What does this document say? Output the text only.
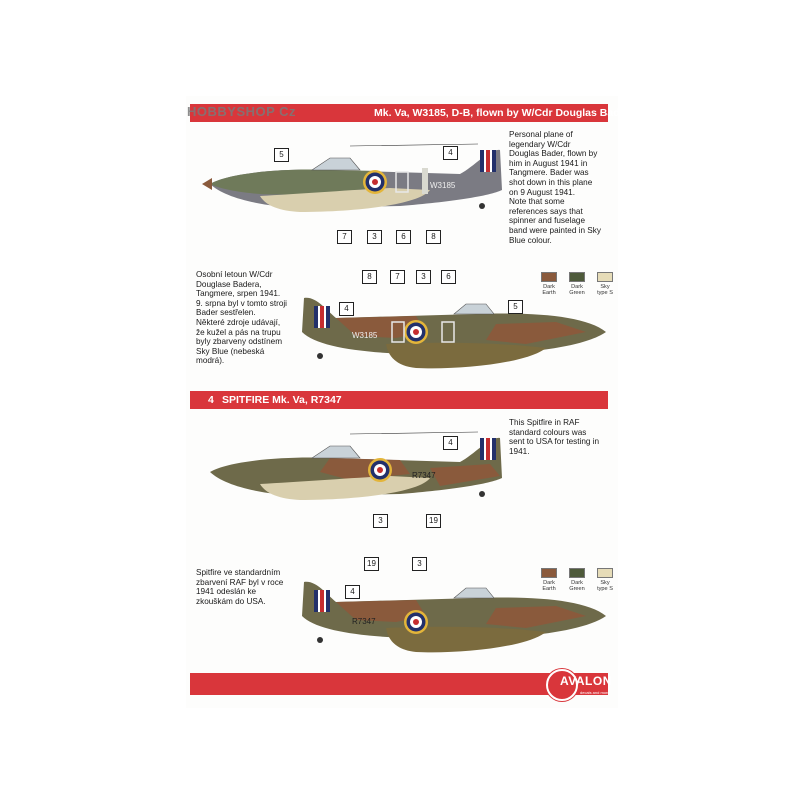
Mk. Va, W3185, D-B, flown by W/Cdr Douglas Bader
HOBBYSHOP Cz
Personal plane of
legendary W/Cdr
Douglas Bader, flown by
him in August 1941 in
Tangmere. Bader was
shot down in this plane
on 9 August 1941.
Note that some
references says that
spinner and fuselage
band were painted in Sky
Blue colour.
W3185
5	4
7	3	6	8
Osobní letoun W/Cdr
Douglase Badera,
Tangmere, srpen 1941.
9. srpna byl v tomto stroji
Bader sestřelen.
Některé zdroje udávají,
že kužel a pás na trupu
byly zbarveny odstínem
Sky Blue (nebeská
modrá).
Dark
Earth
Dark
Green
Sky
type S
W3185
8	7	3	6
4	5
4 SPITFIRE Mk. Va, R7347
This Spitfire in RAF
standard colours was
sent to USA for testing in
1941.
R7347
4
3	19
Dark
Earth
Dark
Green
Sky
type S
Spitfire ve standardním
zbarvení RAF byl v roce
1941 odeslán ke
zkouškám do USA.
R7347
19	3
4
AVALON
decals and more
